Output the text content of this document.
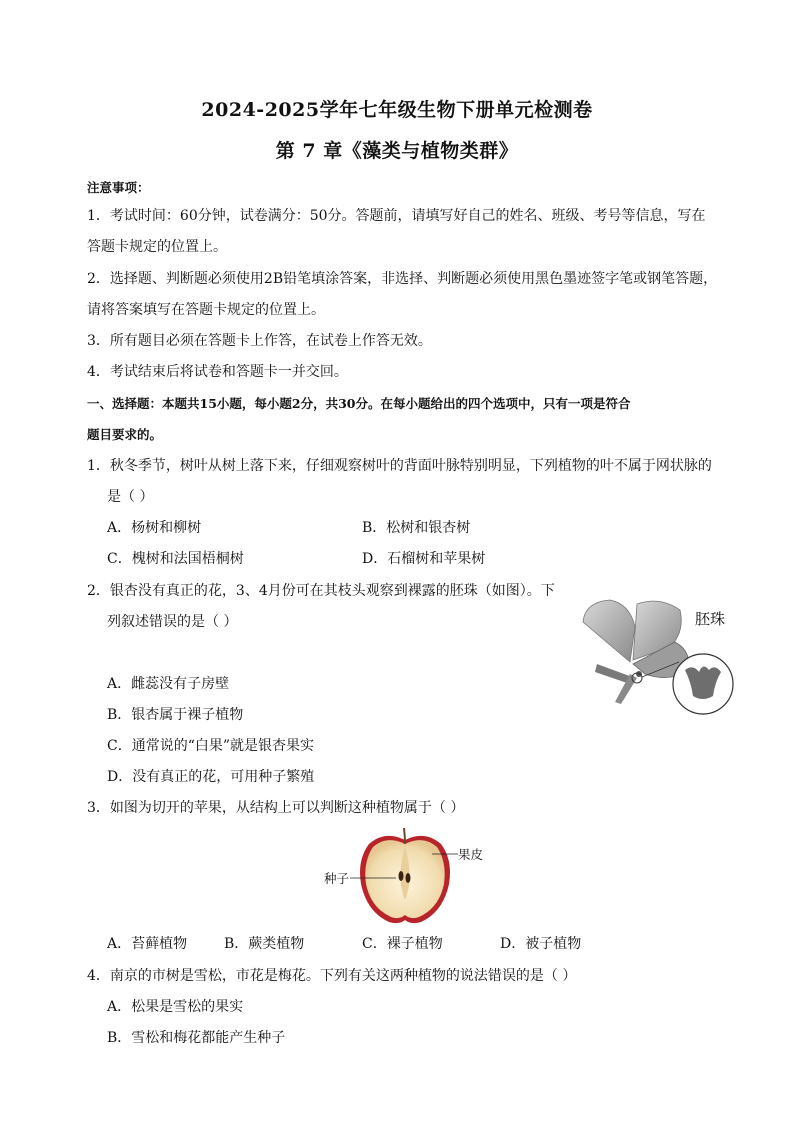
2024-2025学年七年级生物下册单元检测卷
第 7 章《藻类与植物类群》
注意事项：
1．考试时间：60分钟，试卷满分：50分。答题前，请填写好自己的姓名、班级、考号等信息，写在
答题卡规定的位置上。
2．选择题、判断题必须使用2B铅笔填涂答案，非选择、判断题必须使用黑色墨迹签字笔或钢笔答题，
请将答案填写在答题卡规定的位置上。
3．所有题目必须在答题卡上作答，在试卷上作答无效。
4．考试结束后将试卷和答题卡一并交回。
一、选择题：本题共15小题，每小题2分，共30分。在每小题给出的四个选项中，只有一项是符合
题目要求的。
1．秋冬季节，树叶从树上落下来，仔细观察树叶的背面叶脉特别明显，下列植物的叶不属于网状脉的
是（ ）
A．杨树和柳树	B．松树和银杏树
C．槐树和法国梧桐树	D．石榴树和苹果树
2．银杏没有真正的花，3、4月份可在其枝头观察到裸露的胚珠（如图）。下
列叙述错误的是（ ）	胚珠
A．雌蕊没有子房壁
B．银杏属于裸子植物
C．通常说的“白果”就是银杏果实
D．没有真正的花，可用种子繁殖
3．如图为切开的苹果，从结构上可以判断这种植物属于（ ）
果皮
种子
A．苔藓植物	B．蕨类植物	C．裸子植物	D．被子植物
4．南京的市树是雪松，市花是梅花。下列有关这两种植物的说法错误的是（ ）
A．松果是雪松的果实
B．雪松和梅花都能产生种子
